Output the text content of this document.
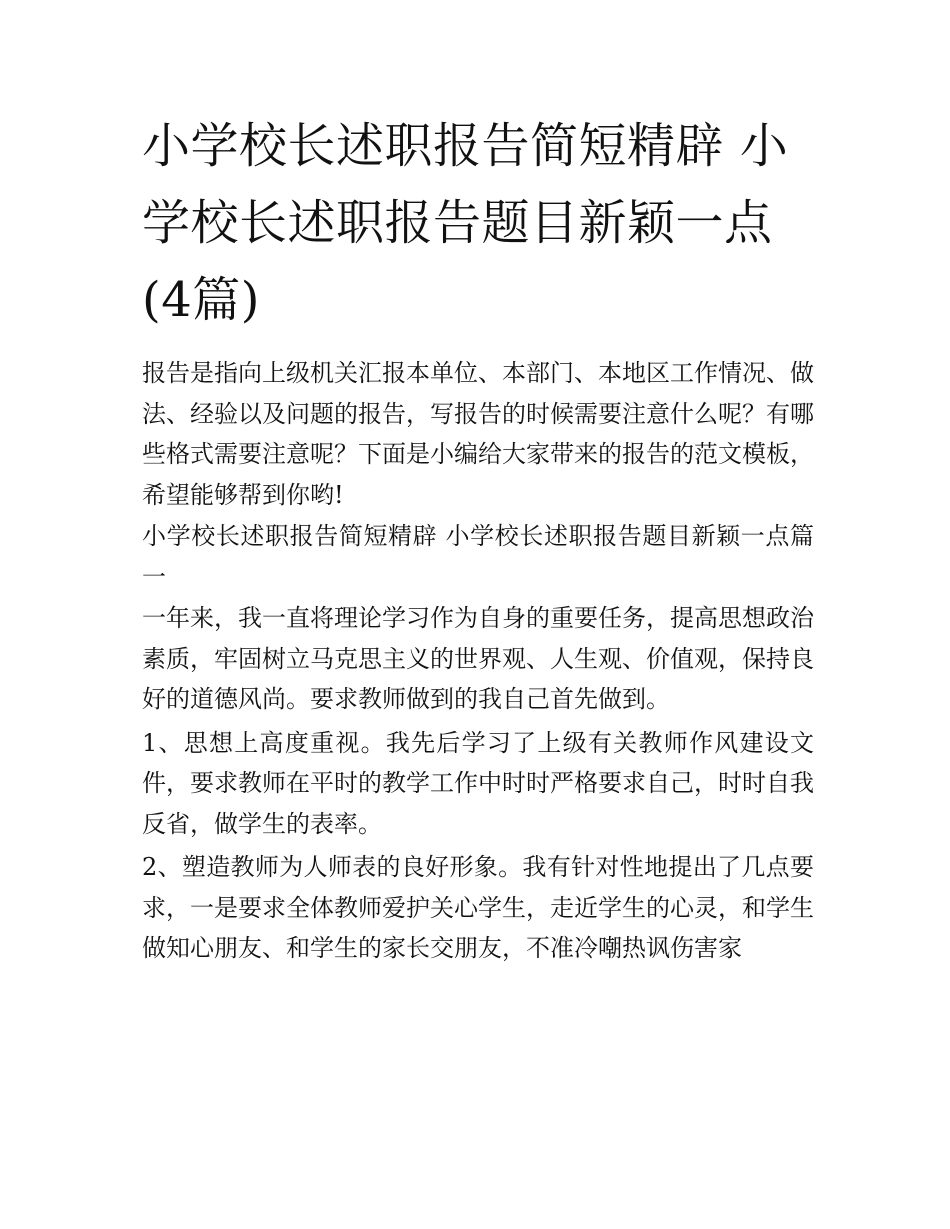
小学校长述职报告简短精辟 小学校长述职报告题目新颖一点(4篇)

报告是指向上级机关汇报本单位、本部门、本地区工作情况、做法、经验以及问题的报告，写报告的时候需要注意什么呢？有哪些格式需要注意呢？下面是小编给大家带来的报告的范文模板，希望能够帮到你哟!

小学校长述职报告简短精辟 小学校长述职报告题目新颖一点篇一

一年来，我一直将理论学习作为自身的重要任务，提高思想政治素质，牢固树立马克思主义的世界观、人生观、价值观，保持良好的道德风尚。要求教师做到的我自己首先做到。

1、思想上高度重视。我先后学习了上级有关教师作风建设文件，要求教师在平时的教学工作中时时严格要求自己，时时自我反省，做学生的表率。

2、塑造教师为人师表的良好形象。我有针对性地提出了几点要求，一是要求全体教师爱护关心学生，走近学生的心灵，和学生做知心朋友、和学生的家长交朋友，不准冷嘲热讽伤害家
